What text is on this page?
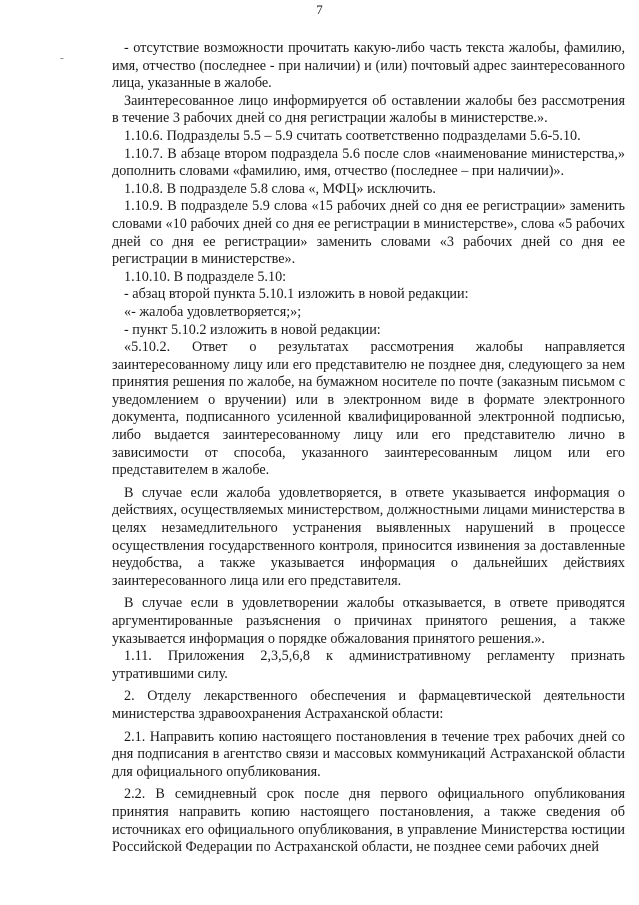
7
˜

- отсутствие возможности прочитать какую-либо часть текста жалобы, фамилию, имя, отчество (последнее - при наличии) и (или) почтовый адрес заинтересованного лица, указанные в жалобе.

Заинтересованное лицо информируется об оставлении жалобы без рассмотрения в течение 3 рабочих дней со дня регистрации жалобы в министерстве.».

1.10.6. Подразделы 5.5 – 5.9 считать соответственно подразделами 5.6-5.10.

1.10.7. В абзаце втором подраздела 5.6 после слов «наименование министерства,» дополнить словами «фамилию, имя, отчество (последнее – при наличии)».

1.10.8. В подразделе 5.8 слова «, МФЦ» исключить.

1.10.9. В подразделе 5.9 слова «15 рабочих дней со дня ее регистрации» заменить словами «10 рабочих дней со дня ее регистрации в министерстве», слова «5 рабочих дней со дня ее регистрации» заменить словами «3 рабочих дней со дня ее регистрации в министерстве».

1.10.10. В подразделе 5.10:

- абзац второй пункта 5.10.1 изложить в новой редакции:

«- жалоба удовлетворяется;»;

- пункт 5.10.2 изложить в новой редакции:

«5.10.2. Ответ о результатах рассмотрения жалобы направляется заинтересованному лицу или его представителю не позднее дня, следующего за нем принятия решения по жалобе, на бумажном носителе по почте (заказным письмом с уведомлением о вручении) или в электронном виде в формате электронного документа, подписанного усиленной квалифицированной электронной подписью, либо выдается заинтересованному лицу или его представителю лично в зависимости от способа, указанного заинтересованным лицом или его представителем в жалобе.

В случае если жалоба удовлетворяется, в ответе указывается информация о действиях, осуществляемых министерством, должностными лицами министерства в целях незамедлительного устранения выявленных нарушений в процессе осуществления государственного контроля, приносится извинения за доставленные неудобства, а также указывается информация о дальнейших действиях заинтересованного лица или его представителя.

В случае если в удовлетворении жалобы отказывается, в ответе приводятся аргументированные разъяснения о причинах принятого решения, а также указывается информация о порядке обжалования принятого решения.».

1.11. Приложения 2,3,5,6,8 к административному регламенту признать утратившими силу.

2. Отделу лекарственного обеспечения и фармацевтической деятельности министерства здравоохранения Астраханской области:

2.1. Направить копию настоящего постановления в течение трех рабочих дней со дня подписания в агентство связи и массовых коммуникаций Астраханской области для официального опубликования.

2.2. В семидневный срок после дня первого официального опубликования принятия направить копию настоящего постановления, а также сведения об источниках его официального опубликования, в управление Министерства юстиции Российской Федерации по Астраханской области, не позднее семи рабочих дней
